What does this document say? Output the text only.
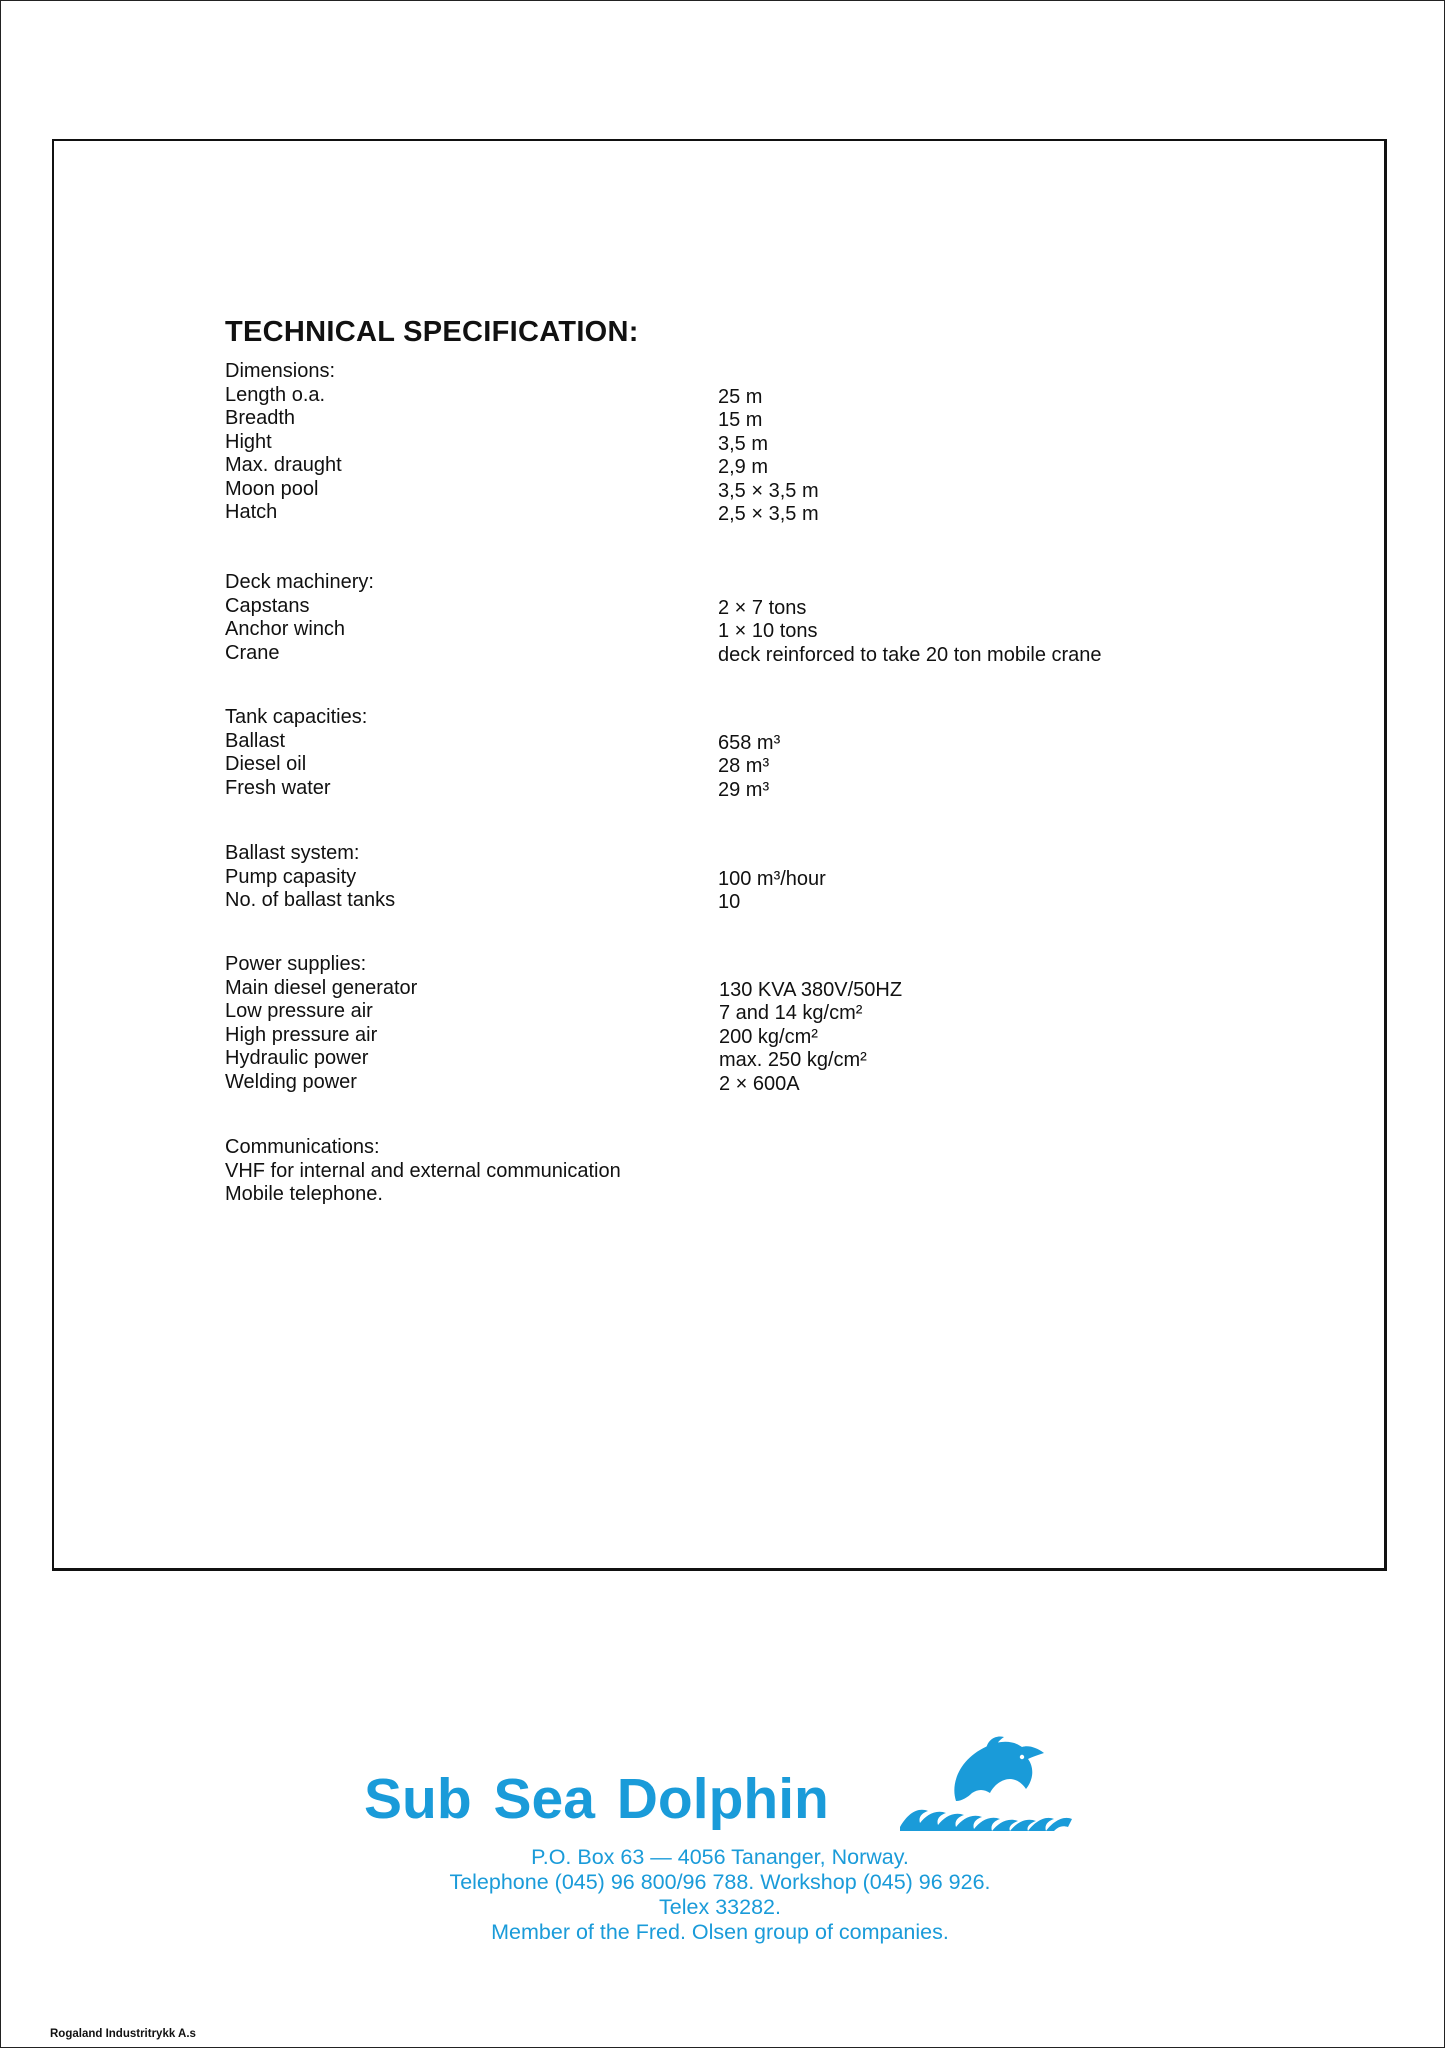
TECHNICAL SPECIFICATION:
Dimensions:
Length o.a.	25 m
Breadth	15 m
Hight	3,5 m
Max. draught	2,9 m
Moon pool	3,5 × 3,5 m
Hatch	2,5 × 3,5 m
Deck machinery:
Capstans	2 × 7 tons
Anchor winch	1 × 10 tons
Crane	deck reinforced to take 20 ton mobile crane
Tank capacities:
Ballast	658 m³
Diesel oil	28 m³
Fresh water	29 m³
Ballast system:
Pump capasity	100 m³/hour
No. of ballast tanks	10
Power supplies:
Main diesel generator	130 KVA 380V/50HZ
Low pressure air	7 and 14 kg/cm²
High pressure air	200 kg/cm²
Hydraulic power	max. 250 kg/cm²
Welding power	2 × 600A
Communications:
VHF for internal and external communication
Mobile telephone.
Sub Sea Dolphin
P.O. Box 63 — 4056 Tananger, Norway.
Telephone (045) 96 800/96 788. Workshop (045) 96 926.
Telex 33282.
Member of the Fred. Olsen group of companies.
Rogaland Industritrykk A.s
